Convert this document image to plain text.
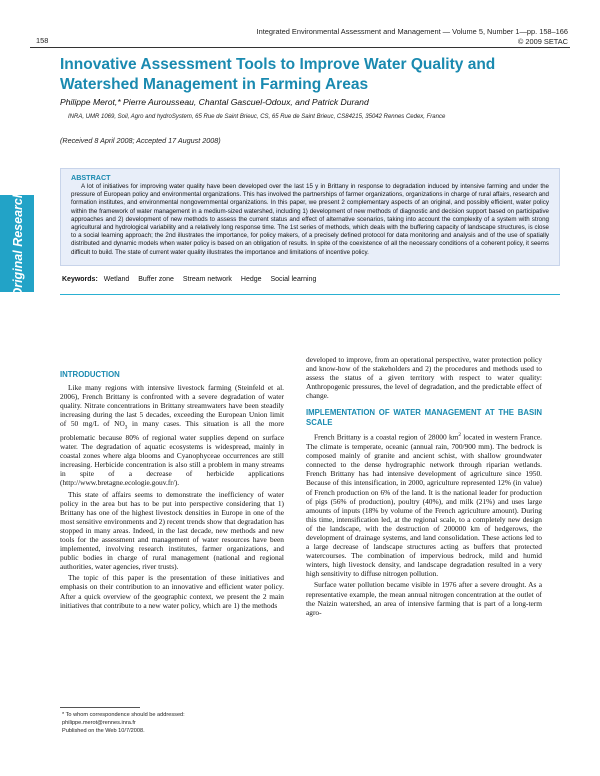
Integrated Environmental Assessment and Management — Volume 5, Number 1—pp. 158–166
© 2009 SETAC
158
Original Research
Innovative Assessment Tools to Improve Water Quality and Watershed Management in Farming Areas
Philippe Merot,* Pierre Aurousseau, Chantal Gascuel-Odoux, and Patrick Durand
INRA, UMR 1069, Soil, Agro and hydroSystem, 65 Rue de Saint Brieuc, CS, 65 Rue de Saint Brieuc, CS84215, 35042 Rennes Cedex, France
(Received 8 April 2008; Accepted 17 August 2008)
ABSTRACT
A lot of initiatives for improving water quality have been developed over the last 15 y in Brittany in response to degradation induced by intensive farming and under the pressure of European policy and environmental organizations. This has involved the partnerships of farmer organizations, organizations in charge of rural affairs, research and formation institutes, and environmental nongovernmental organizations. In this paper, we present 2 complementary aspects of an original, and possibly efficient, water policy within the framework of water management in a medium-sized watershed, including 1) development of new methods of diagnostic and decision support based on participative approaches and 2) development of new methods to assess the current status and effect of alternative scenarios, taking into account the complexity of a system with strong agricultural and hydrological variability and a relatively long response time. The 1st series of methods, which deals with the buffering capacity of landscape structures, is close to a social learning approach; the 2nd illustrates the importance, for policy makers, of a precisely defined protocol for data monitoring and analysis and of the use of spatially distributed and dynamic models when water policy is based on an obligation of results. In spite of the coexistence of all the necessary conditions of a coherent policy, it seems difficult to build. The state of current water quality illustrates the importance and limitations of incentive policy.
Keywords: Wetland Buffer zone Stream network Hedge Social learning
INTRODUCTION

Like many regions with intensive livestock farming (Steinfeld et al. 2006), French Brittany is confronted with a severe degradation of water quality. Nitrate concentrations in Brittany streamwaters have been steadily increasing during the last 5 decades, exceeding the European Union limit of 50 mg/L of $NO_3$ in many cases. This situation is all the more problematic because 80% of regional water supplies depend on surface water. The degradation of aquatic ecosystems is widespread, mainly in coastal zones where alga blooms and Cyanophyceae occurrences are still increasing. Herbicide concentration is also still a problem in many streams in spite of a decrease of herbicide applications (http://www.bretagne.ecologie.gouv.fr/).

This state of affairs seems to demonstrate the inefficiency of water policy in the area but has to be put into perspective considering that 1) Brittany has one of the highest livestock densities in Europe in one of the most sensitive environments and 2) recent trends show that degradation has stopped in many areas. Indeed, in the last decade, new methods and new tools for the assessment and management of water resources have been implemented, involving research institutes, farmer organizations, and public bodies in charge of rural management (national and regional authorities, water agencies, river trusts).

The topic of this paper is the presentation of these initiatives and emphasis on their contribution to an innovative and efficient water policy. After a quick overview of the geographic context, we present the 2 main initiatives that contribute to a new water policy, which are 1) the methods

developed to improve, from an operational perspective, water protection policy and know-how of the stakeholders and 2) the procedures and methods used to assess the status of a given territory with respect to water quality: Anthropogenic pressures, the level of degradation, and the predictable effect of change.

IMPLEMENTATION OF WATER MANAGEMENT AT THE BASIN SCALE

French Brittany is a coastal region of 28000 $km^2$ located in western France. The climate is temperate, oceanic (annual rain, 700/900 mm). The bedrock is composed mainly of granite and ancient schist, with shallow groundwater connected to the dense hydrographic network through riparian wetlands. French Brittany has had intensive development of agriculture since 1950. Because of this intensification, in 2000, agriculture represented 12% (in value) of French production on 6% of the land. It is the national leader for production of pigs (56% of production), poultry (40%), and milk (21%) and uses large amounts of inputs (18% by volume of the French agriculture amount). During this time, intensification led, at the regional scale, to a completely new design of the landscape, with the destruction of 200000 km of hedgerows, the development of drainage systems, and land consolidation. These actions led to a large decrease of landscape structures acting as buffers that protected watercourses. The combination of impervious bedrock, mild and humid winters, high livestock density, and landscape degradation resulted in a very high sensitivity to diffuse nitrogen pollution.

Surface water pollution became visible in 1976 after a severe drought. As a representative example, the mean annual nitrogen concentration at the outlet of the Naizin watershed, an area of intensive farming that is part of a long-term agro-

* To whom correspondence should be addressed:
philippe.merot@rennes.inra.fr
Published on the Web 10/7/2008.
